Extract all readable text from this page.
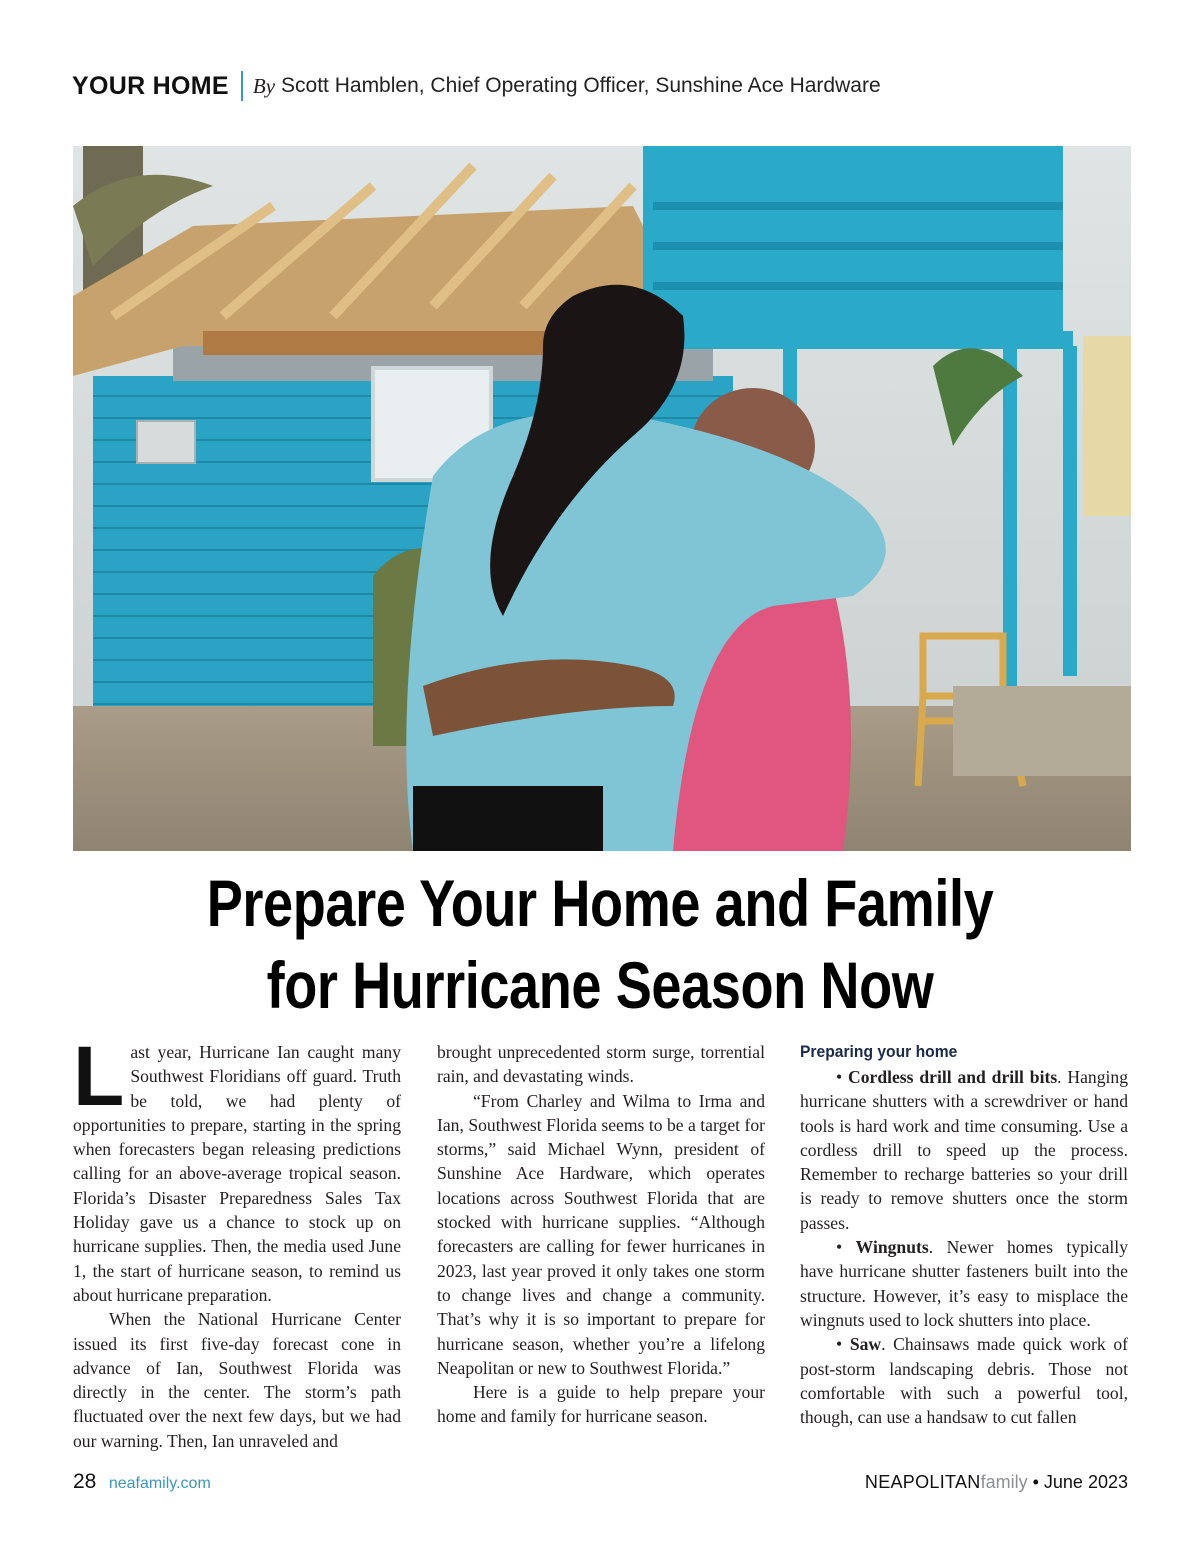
YOUR HOME By Scott Hamblen, Chief Operating Officer, Sunshine Ace Hardware
Prepare Your Home and Family
for Hurricane Season Now

Last year, Hurricane Ian caught many Southwest Floridians off guard. Truth be told, we had plenty of opportunities to prepare, starting in the spring when forecasters began releasing predictions calling for an above-average tropical season. Florida’s Disaster Preparedness Sales Tax Holiday gave us a chance to stock up on hurricane supplies. Then, the media used June 1, the start of hurricane season, to remind us about hurricane preparation.

When the National Hurricane Center issued its first five-day forecast cone in advance of Ian, Southwest Florida was directly in the center. The storm’s path fluctuated over the next few days, but we had our warning. Then, Ian unraveled and

brought unprecedented storm surge, torrential rain, and devastating winds.

“From Charley and Wilma to Irma and Ian, Southwest Florida seems to be a target for storms,” said Michael Wynn, president of Sunshine Ace Hardware, which operates locations across Southwest Florida that are stocked with hurricane supplies. “Although forecasters are calling for fewer hurricanes in 2023, last year proved it only takes one storm to change lives and change a community. That’s why it is so important to prepare for hurricane season, whether you’re a lifelong Neapolitan or new to Southwest Florida.”

Here is a guide to help prepare your home and family for hurricane season.

Preparing your home

• Cordless drill and drill bits. Hanging hurricane shutters with a screwdriver or hand tools is hard work and time consuming. Use a cordless drill to speed up the process. Remember to recharge batteries so your drill is ready to remove shutters once the storm passes.

• Wingnuts. Newer homes typically have hurricane shutter fasteners built into the structure. However, it’s easy to misplace the wingnuts used to lock shutters into place.

• Saw. Chainsaws made quick work of post-storm landscaping debris. Those not comfortable with such a powerful tool, though, can use a handsaw to cut fallen

28 neafamily.com	NEAPOLITANfamily • June 2023
